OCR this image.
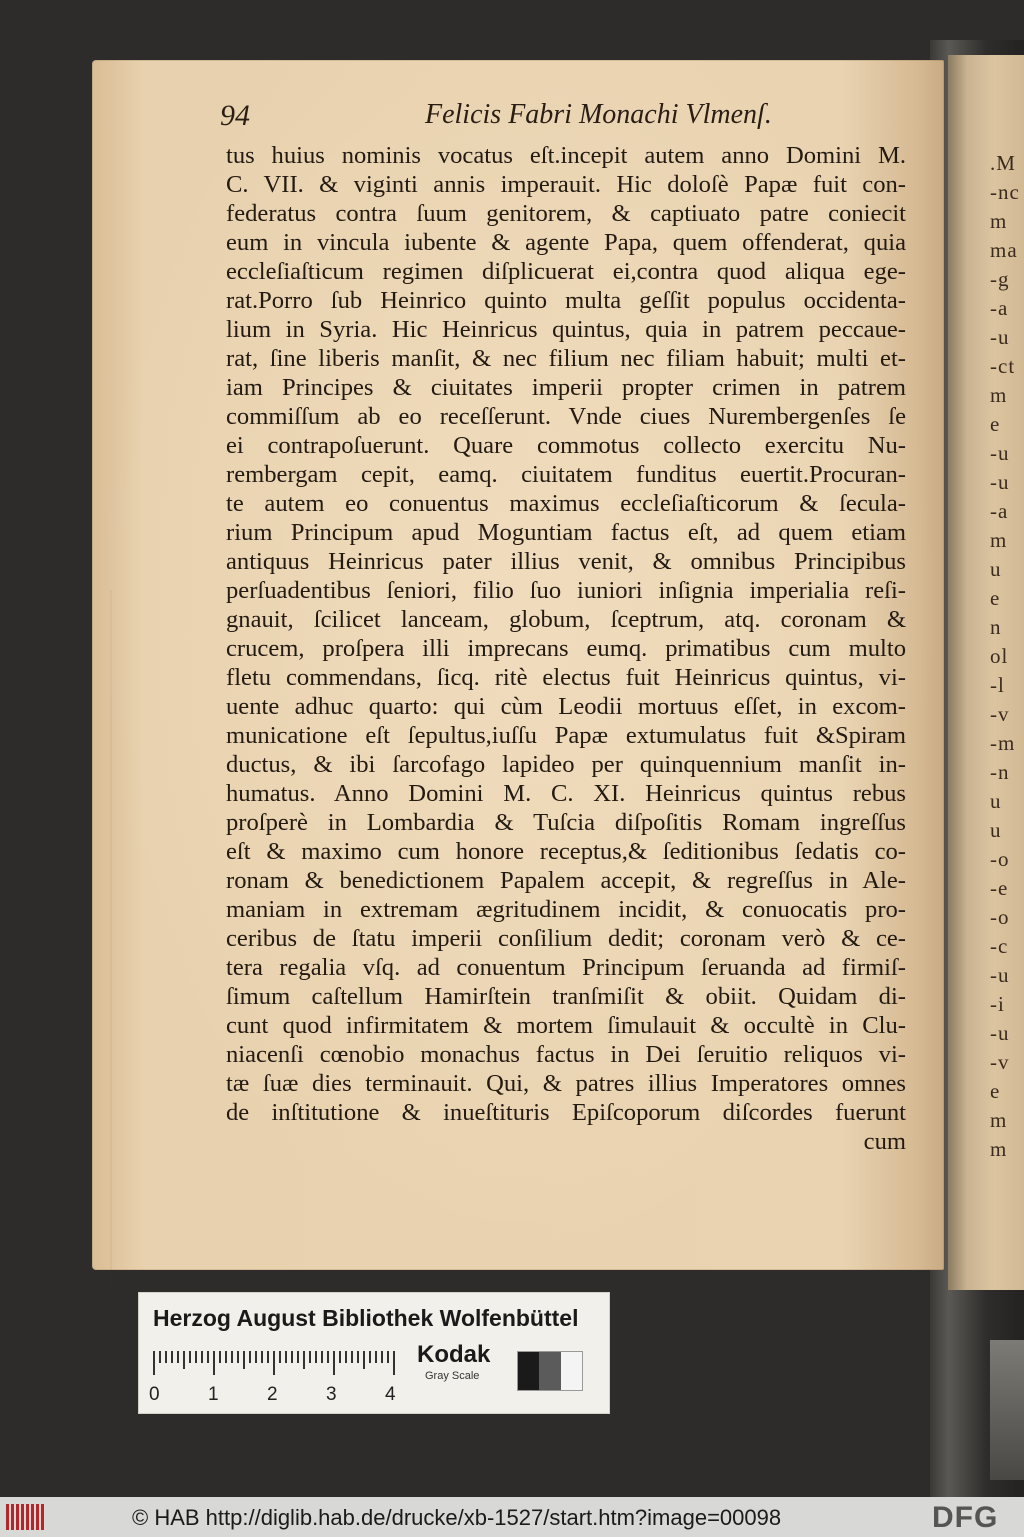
.M
-nc
m
ma
-g
-a
-u
-ct
m
e
-u
-u
-a
m
u
e
n
ol
-l
-v
-m
-n
u
u
-o
-e
-o
-c
-u
-i
-u
-v
e
m
m
94	Felicis Fabri Monachi Vlmenſ.
tus huius nominis vocatus eſt.incepit autem anno Domini M.
C. VII. & viginti annis imperauit. Hic doloſè Papæ fuit con-
federatus contra ſuum genitorem, & captiuato patre coniecit
eum in vincula iubente & agente Papa, quem offenderat, quia
eccleſiaſticum regimen diſplicuerat ei,contra quod aliqua ege-
rat.Porro ſub Heinrico quinto multa geſſit populus occidenta-
lium in Syria. Hic Heinricus quintus, quia in patrem peccaue-
rat, ſine liberis manſit, & nec filium nec filiam habuit; multi et-
iam Principes & ciuitates imperii propter crimen in patrem
commiſſum ab eo receſſerunt. Vnde ciues Nurembergenſes ſe
ei contrapoſuerunt. Quare commotus collecto exercitu Nu-
rembergam cepit, eamq. ciuitatem funditus euertit.Procuran-
te autem eo conuentus maximus eccleſiaſticorum & ſecula-
rium Principum apud Moguntiam factus eſt, ad quem etiam
antiquus Heinricus pater illius venit, & omnibus Principibus
perſuadentibus ſeniori, filio ſuo iuniori inſignia imperialia reſi-
gnauit, ſcilicet lanceam, globum, ſceptrum, atq. coronam &
crucem, proſpera illi imprecans eumq. primatibus cum multo
fletu commendans, ſicq. ritè electus fuit Heinricus quintus, vi-
uente adhuc quarto: qui cùm Leodii mortuus eſſet, in excom-
municatione eſt ſepultus,iuſſu Papæ extumulatus fuit &Spiram
ductus, & ibi ſarcofago lapideo per quinquennium manſit in-
humatus. Anno Domini M. C. XI. Heinricus quintus rebus
proſperè in Lombardia & Tuſcia diſpoſitis Romam ingreſſus
eſt & maximo cum honore receptus,& ſeditionibus ſedatis co-
ronam & benedictionem Papalem accepit, & regreſſus in Ale-
maniam in extremam ægritudinem incidit, & conuocatis pro-
ceribus de ſtatu imperii conſilium dedit; coronam verò & ce-
tera regalia vſq. ad conuentum Principum ſeruanda ad firmiſ-
ſimum caſtellum Hamirſtein tranſmiſit & obiit. Quidam di-
cunt quod infirmitatem & mortem ſimulauit & occultè in Clu-
niacenſi cœnobio monachus factus in Dei ſeruitio reliquos vi-
tæ ſuæ dies terminauit. Qui, & patres illius Imperatores omnes
de inſtitutione & inueſtituris Epiſcoporum diſcordes fuerunt
cum
Herzog August Bibliothek Wolfenbüttel
0	1	2	3	4
Kodak
Gray Scale
© HAB http://diglib.hab.de/drucke/xb-1527/start.htm?image=00098	DFG
